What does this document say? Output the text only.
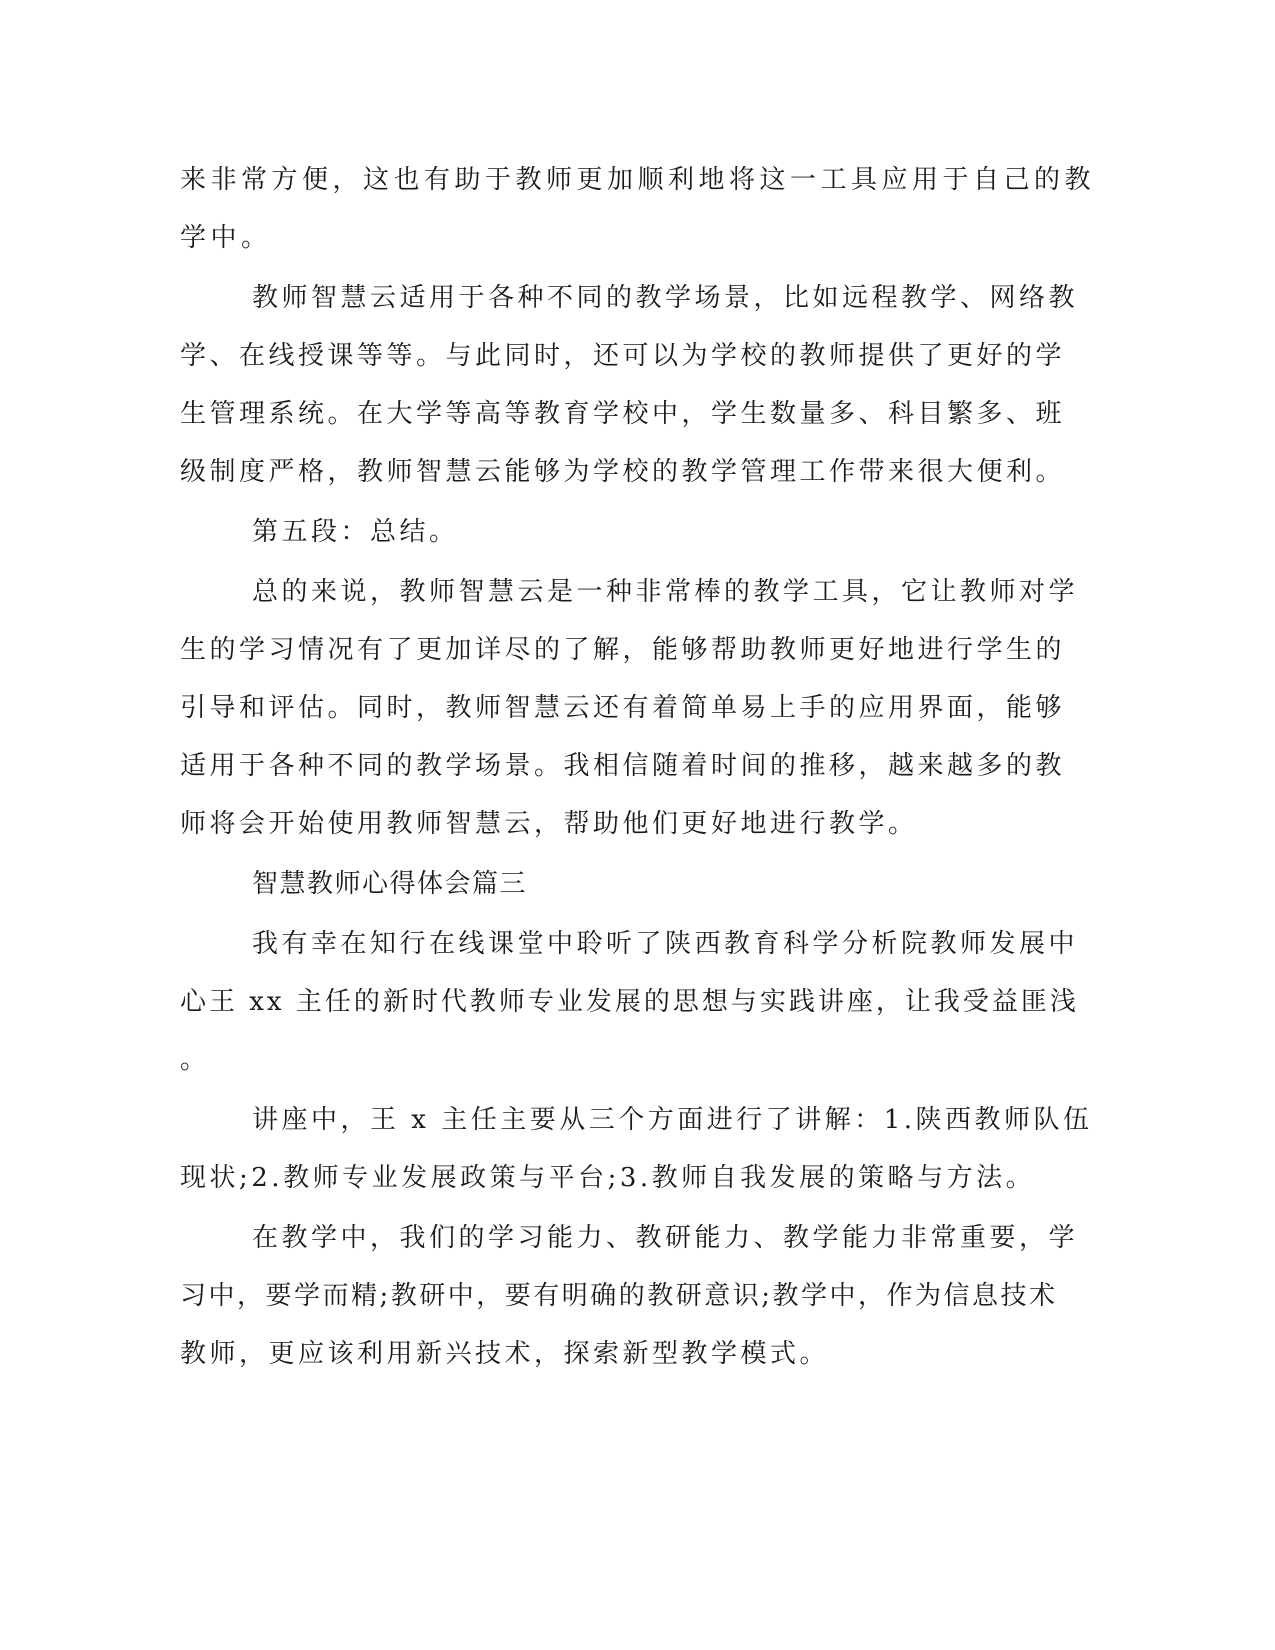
来非常方便，这也有助于教师更加顺利地将这一工具应用于自己的教
学中。
教师智慧云适用于各种不同的教学场景，比如远程教学、网络教
学、在线授课等等。与此同时，还可以为学校的教师提供了更好的学
生管理系统。在大学等高等教育学校中，学生数量多、科目繁多、班
级制度严格，教师智慧云能够为学校的教学管理工作带来很大便利。
第五段：总结。
总的来说，教师智慧云是一种非常棒的教学工具，它让教师对学
生的学习情况有了更加详尽的了解，能够帮助教师更好地进行学生的
引导和评估。同时，教师智慧云还有着简单易上手的应用界面，能够
适用于各种不同的教学场景。我相信随着时间的推移，越来越多的教
师将会开始使用教师智慧云，帮助他们更好地进行教学。
智慧教师心得体会篇三
我有幸在知行在线课堂中聆听了陕西教育科学分析院教师发展中
心王 xx 主任的新时代教师专业发展的思想与实践讲座，让我受益匪浅
。
讲座中，王 x 主任主要从三个方面进行了讲解：1.陕西教师队伍
现状;2.教师专业发展政策与平台;3.教师自我发展的策略与方法。
在教学中，我们的学习能力、教研能力、教学能力非常重要，学
习中，要学而精;教研中，要有明确的教研意识;教学中，作为信息技术
教师，更应该利用新兴技术，探索新型教学模式。
